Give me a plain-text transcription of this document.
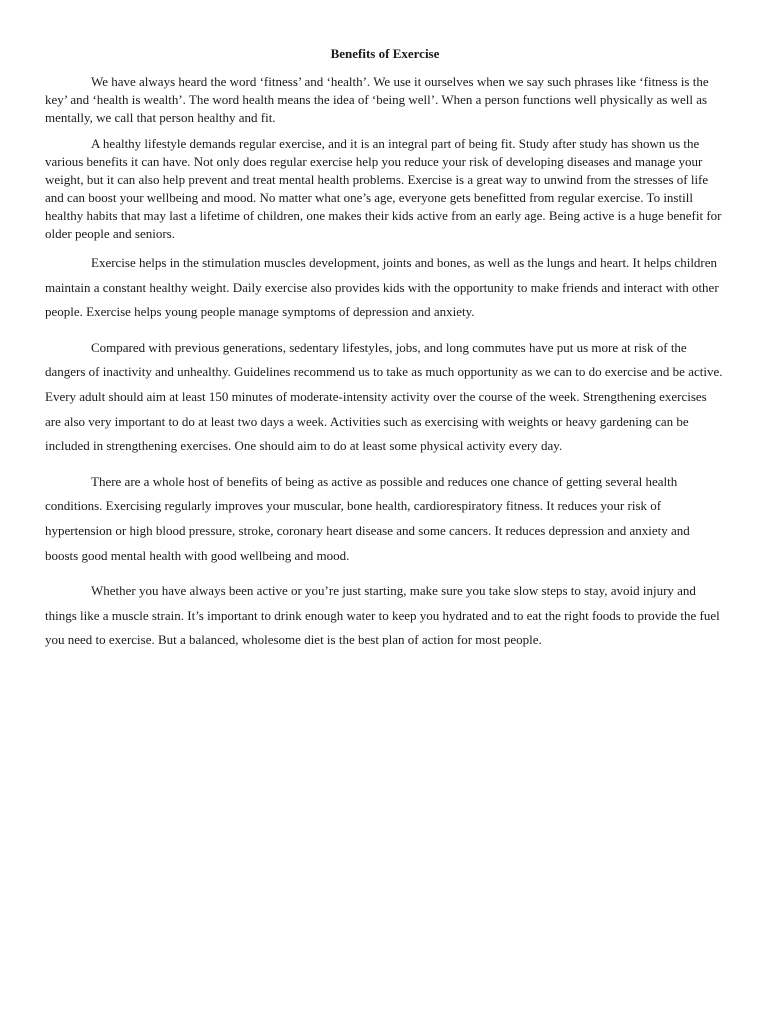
Benefits of Exercise

We have always heard the word ‘fitness’ and ‘health’. We use it ourselves when we say such phrases like ‘fitness is the key’ and ‘health is wealth’. The word health means the idea of ‘being well’. When a person functions well physically as well as mentally, we call that person healthy and fit.

A healthy lifestyle demands regular exercise, and it is an integral part of being fit. Study after study has shown us the various benefits it can have. Not only does regular exercise help you reduce your risk of developing diseases and manage your weight, but it can also help prevent and treat mental health problems. Exercise is a great way to unwind from the stresses of life and can boost your wellbeing and mood. No matter what one’s age, everyone gets benefitted from regular exercise. To instill healthy habits that may last a lifetime of children, one makes their kids active from an early age. Being active is a huge benefit for older people and seniors.

Exercise helps in the stimulation muscles development, joints and bones, as well as the lungs and heart. It helps children maintain a constant healthy weight. Daily exercise also provides kids with the opportunity to make friends and interact with other people. Exercise helps young people manage symptoms of depression and anxiety.

Compared with previous generations, sedentary lifestyles, jobs, and long commutes have put us more at risk of the dangers of inactivity and unhealthy. Guidelines recommend us to take as much opportunity as we can to do exercise and be active. Every adult should aim at least 150 minutes of moderate-intensity activity over the course of the week. Strengthening exercises are also very important to do at least two days a week. Activities such as exercising with weights or heavy gardening can be included in strengthening exercises. One should aim to do at least some physical activity every day.

There are a whole host of benefits of being as active as possible and reduces one chance of getting several health conditions. Exercising regularly improves your muscular, bone health, cardiorespiratory fitness. It reduces your risk of hypertension or high blood pressure, stroke, coronary heart disease and some cancers. It reduces depression and anxiety and boosts good mental health with good wellbeing and mood.

Whether you have always been active or you’re just starting, make sure you take slow steps to stay, avoid injury and things like a muscle strain. It’s important to drink enough water to keep you hydrated and to eat the right foods to provide the fuel you need to exercise. But a balanced, wholesome diet is the best plan of action for most people.
